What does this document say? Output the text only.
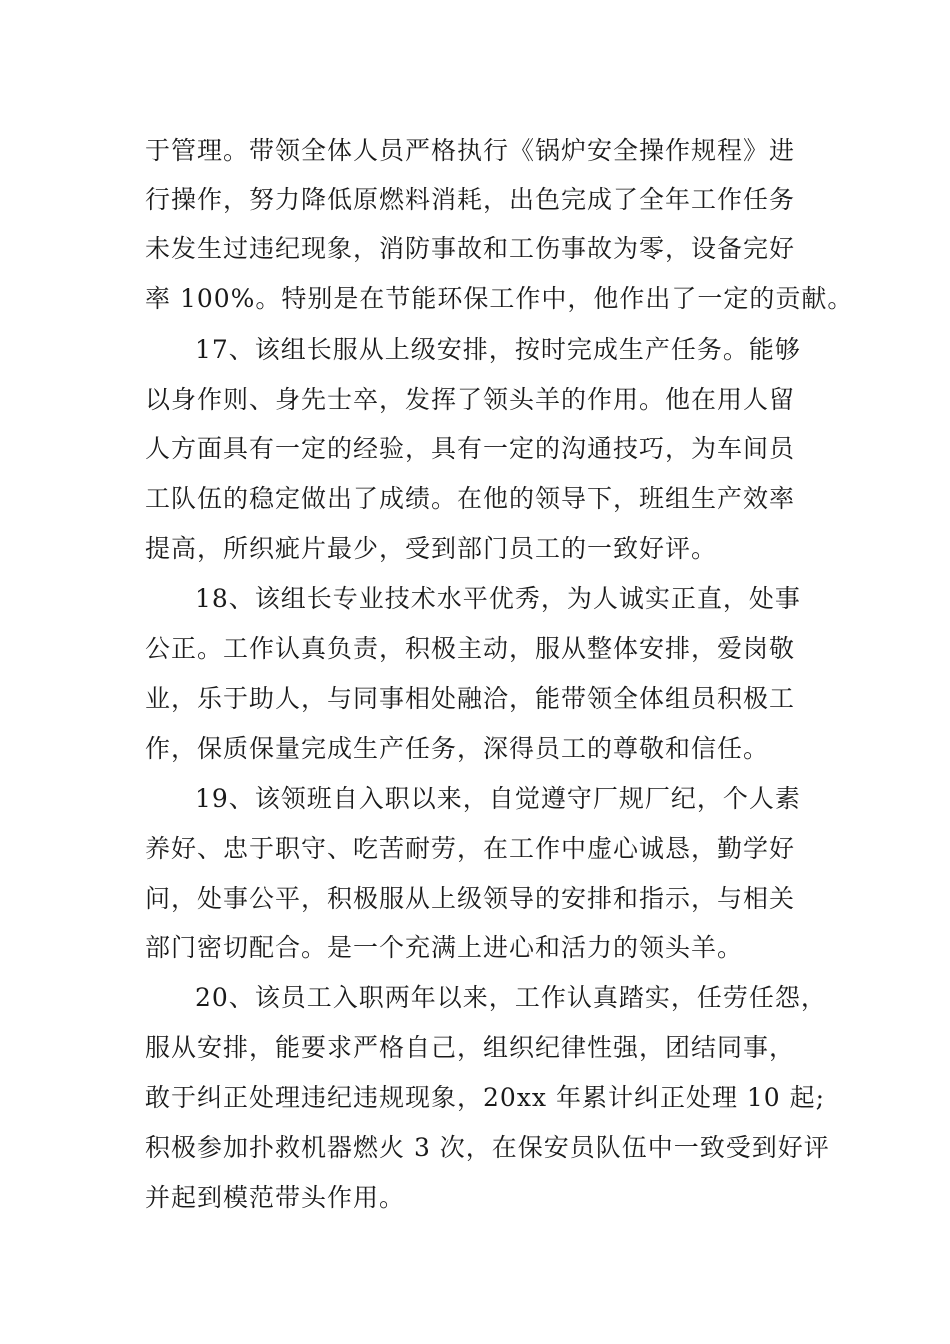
于管理。带领全体人员严格执行《锅炉安全操作规程》进
行操作，努力降低原燃料消耗，出色完成了全年工作任务
未发生过违纪现象，消防事故和工伤事故为零，设备完好
率 100%。特别是在节能环保工作中，他作出了一定的贡献。
17、该组长服从上级安排，按时完成生产任务。能够
以身作则、身先士卒，发挥了领头羊的作用。他在用人留
人方面具有一定的经验，具有一定的沟通技巧，为车间员
工队伍的稳定做出了成绩。在他的领导下，班组生产效率
提高，所织疵片最少，受到部门员工的一致好评。
18、该组长专业技术水平优秀，为人诚实正直，处事
公正。工作认真负责，积极主动，服从整体安排，爱岗敬
业，乐于助人，与同事相处融洽，能带领全体组员积极工
作，保质保量完成生产任务，深得员工的尊敬和信任。
19、该领班自入职以来，自觉遵守厂规厂纪，个人素
养好、忠于职守、吃苦耐劳，在工作中虚心诚恳，勤学好
问，处事公平，积极服从上级领导的安排和指示，与相关
部门密切配合。是一个充满上进心和活力的领头羊。
20、该员工入职两年以来，工作认真踏实，任劳任怨，
服从安排，能要求严格自己，组织纪律性强，团结同事，
敢于纠正处理违纪违规现象，20xx 年累计纠正处理 10 起;
积极参加扑救机器燃火 3 次，在保安员队伍中一致受到好评
并起到模范带头作用。
